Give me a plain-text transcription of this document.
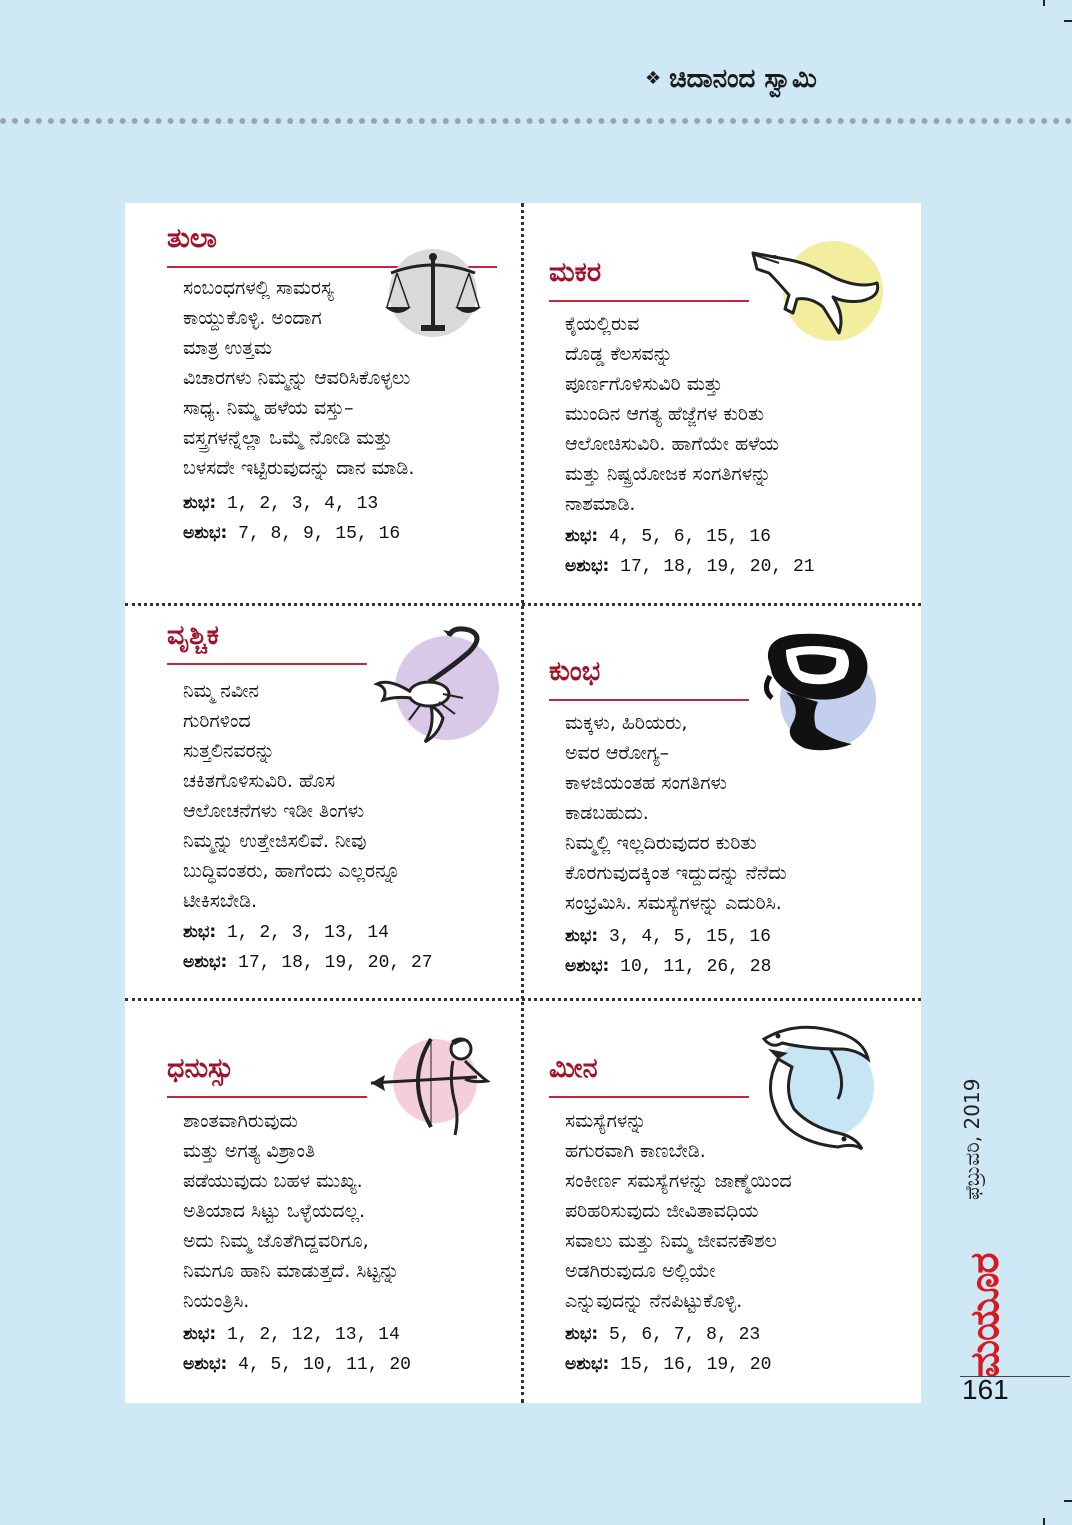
❖ ಚಿದಾನಂದ ಸ್ವಾಮಿ
ತುಲಾ
ಸಂಬಂಧಗಳಲ್ಲಿ ಸಾಮರಸ್ಯ
ಕಾಯ್ದುಕೊಳ್ಳಿ. ಅಂದಾಗ
ಮಾತ್ರ ಉತ್ತಮ
ವಿಚಾರಗಳು ನಿಮ್ಮನ್ನು ಆವರಿಸಿಕೊಳ್ಳಲು
ಸಾಧ್ಯ. ನಿಮ್ಮ ಹಳೆಯ ವಸ್ತು–
ವಸ್ತ್ರಗಳನ್ನೆಲ್ಲಾ ಒಮ್ಮೆ ನೋಡಿ ಮತ್ತು
ಬಳಸದೇ ಇಟ್ಟಿರುವುದನ್ನು ದಾನ ಮಾಡಿ.
ಶುಭ: 1, 2, 3, 4, 13
ಅಶುಭ: 7, 8, 9, 15, 16
ಮಕರ
ಕೈಯಲ್ಲಿರುವ
ದೊಡ್ಡ ಕೆಲಸವನ್ನು
ಪೂರ್ಣಗೊಳಿಸುವಿರಿ ಮತ್ತು
ಮುಂದಿನ ಆಗತ್ಯ ಹೆಜ್ಜೆಗಳ ಕುರಿತು
ಆಲೋಚಿಸುವಿರಿ. ಹಾಗೆಯೇ ಹಳೆಯ
ಮತ್ತು ನಿಷ್ಪ್ರಯೋಜಕ ಸಂಗತಿಗಳನ್ನು
ನಾಶಮಾಡಿ.
ಶುಭ: 4, 5, 6, 15, 16
ಅಶುಭ: 17, 18, 19, 20, 21
ವೃಶ್ಚಿಕ
ನಿಮ್ಮ ನವೀನ
ಗುರಿಗಳಿಂದ
ಸುತ್ತಲಿನವರನ್ನು
ಚಕಿತಗೊಳಿಸುವಿರಿ. ಹೊಸ
ಆಲೋಚನೆಗಳು ಇಡೀ ತಿಂಗಳು
ನಿಮ್ಮನ್ನು ಉತ್ತೇಜಿಸಲಿವೆ. ನೀವು
ಬುದ್ಧಿವಂತರು, ಹಾಗೆಂದು ಎಲ್ಲರನ್ನೂ
ಟೀಕಿಸಬೇಡಿ.
ಶುಭ: 1, 2, 3, 13, 14
ಅಶುಭ: 17, 18, 19, 20, 27
ಕುಂಭ
ಮಕ್ಕಳು, ಹಿರಿಯರು,
ಅವರ ಆರೋಗ್ಯ–
ಕಾಳಜಿಯಂತಹ ಸಂಗತಿಗಳು
ಕಾಡಬಹುದು.
ನಿಮ್ಮಲ್ಲಿ ಇಲ್ಲದಿರುವುದರ ಕುರಿತು
ಕೊರಗುವುದಕ್ಕಿಂತ ಇದ್ದುದನ್ನು ನೆನೆದು
ಸಂಭ್ರಮಿಸಿ. ಸಮಸ್ಯೆಗಳನ್ನು ಎದುರಿಸಿ.
ಶುಭ: 3, 4, 5, 15, 16
ಅಶುಭ: 10, 11, 26, 28
ಧನುಸ್ಸು
ಶಾಂತವಾಗಿರುವುದು
ಮತ್ತು ಅಗತ್ಯ ವಿಶ್ರಾಂತಿ
ಪಡೆಯುವುದು ಬಹಳ ಮುಖ್ಯ.
ಅತಿಯಾದ ಸಿಟ್ಟು ಒಳ್ಳೆಯದಲ್ಲ.
ಅದು ನಿಮ್ಮ ಜೊತೆಗಿದ್ದವರಿಗೂ,
ನಿಮಗೂ ಹಾನಿ ಮಾಡುತ್ತದೆ. ಸಿಟ್ಟನ್ನು
ನಿಯಂತ್ರಿಸಿ.
ಶುಭ: 1, 2, 12, 13, 14
ಅಶುಭ: 4, 5, 10, 11, 20
ಮೀನ
ಸಮಸ್ಯೆಗಳನ್ನು
ಹಗುರವಾಗಿ ಕಾಣಬೇಡಿ.
ಸಂಕೀರ್ಣ ಸಮಸ್ಯೆಗಳನ್ನು ಜಾಣ್ಮೆಯಿಂದ
ಪರಿಹರಿಸುವುದು ಜೀವಿತಾವಧಿಯ
ಸವಾಲು ಮತ್ತು ನಿಮ್ಮ ಜೀವನಕೌಶಲ
ಅಡಗಿರುವುದೂ ಅಲ್ಲಿಯೇ
ಎನ್ನುವುದನ್ನು ನೆನಪಿಟ್ಟುಕೊಳ್ಳಿ.
ಶುಭ: 5, 6, 7, 8, 23
ಅಶುಭ: 15, 16, 19, 20
ಫೆಬ್ರುವರಿ, 2019
ಮಯೂರ
161
